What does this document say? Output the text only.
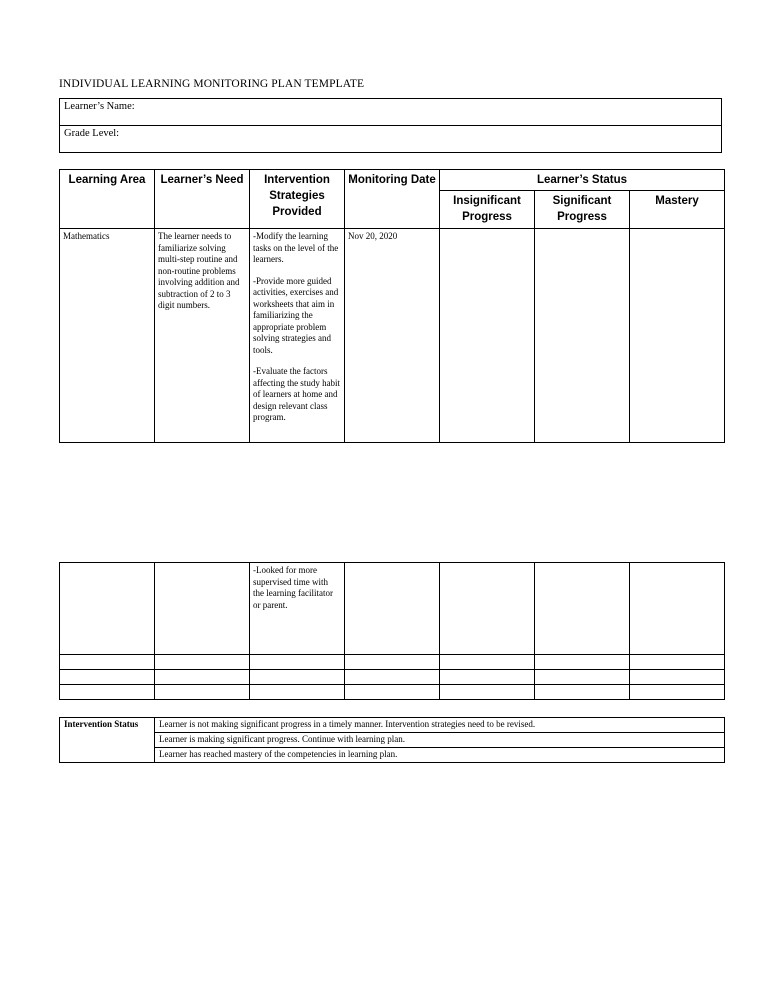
INDIVIDUAL LEARNING MONITORING PLAN TEMPLATE
Learner’s Name:
Grade Level:
Learning Area	Learner’s Need	Intervention Strategies Provided	Monitoring Date	Learner’s Status		
				Insignificant Progress	Significant Progress	Mastery
Mathematics	The learner needs to familiarize solving multi-step routine and non-routine problems involving addition and subtraction of 2 to 3 digit numbers.	-Modify the learning tasks on the level of the learners.

-Provide more guided activities, exercises and worksheets that aim in familiarizing the appropriate problem solving strategies and tools.

-Evaluate the factors affecting the study habit of learners at home and design relevant class program.	Nov 20, 2020			
		-Looked for more supervised time with the learning facilitator or parent.				

Intervention Status	Learner is not making significant progress in a timely manner. Intervention strategies need to be revised.
Learner is making significant progress. Continue with learning plan.
Learner has reached mastery of the competencies in learning plan.
